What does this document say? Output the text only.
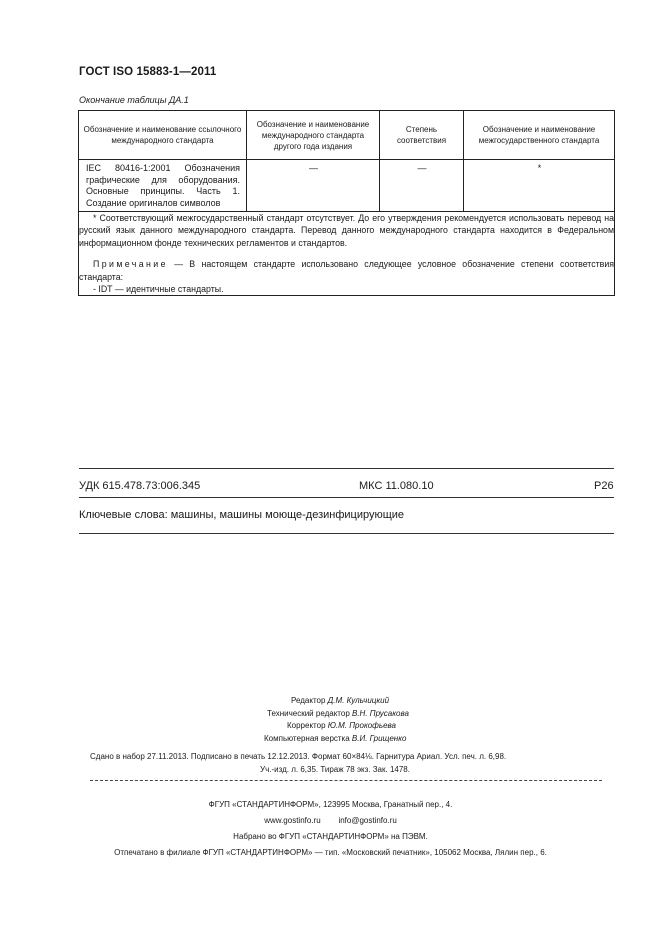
ГОСТ ISO 15883-1—2011
Окончание таблицы ДА.1
Обозначение и наименование ссылочного международного стандарта	Обозначение и наименование международного стандарта другого года издания	Степень соответствия	Обозначение и наименование межгосударственного стандарта
IEC 80416-1:2001 Обозначения графические для оборудования. Основные принципы. Часть 1. Создание оригиналов символов	—	—	*

* Соответствующий межгосударственный стандарт отсутствует. До его утверждения рекомендуется использовать перевод на русский язык данного международного стандарта. Перевод данного международного стандарта находится в Федеральном информационном фонде технических регламентов и стандартов.

Примечание — В настоящем стандарте использовано следующее условное обозначение степени соответствия стандарта:

- IDT — идентичные стандарты.			

УДК 615.478.73:006.345	МКС 11.080.10	Р26
Ключевые слова: машины, машины моюще-дезинфицирующие
Редактор Д.М. Кульчицкий
Технический редактор В.Н. Прусакова
Корректор Ю.М. Прокофьева
Компьютерная верстка В.И. Грищенко
Сдано в набор 27.11.2013. Подписано в печать 12.12.2013. Формат 60×84⅛. Гарнитура Ариал. Усл. печ. л. 6,98.
Уч.-изд. л. 6,35. Тираж 78 экз. Зак. 1478.
ФГУП «СТАНДАРТИНФОРМ», 123995 Москва, Гранатный пер., 4.
www.gostinfo.ru        info@gostinfo.ru
Набрано во ФГУП «СТАНДАРТИНФОРМ» на ПЭВМ.
Отпечатано в филиале ФГУП «СТАНДАРТИНФОРМ» — тип. «Московский печатник», 105062 Москва, Лялин пер., 6.
